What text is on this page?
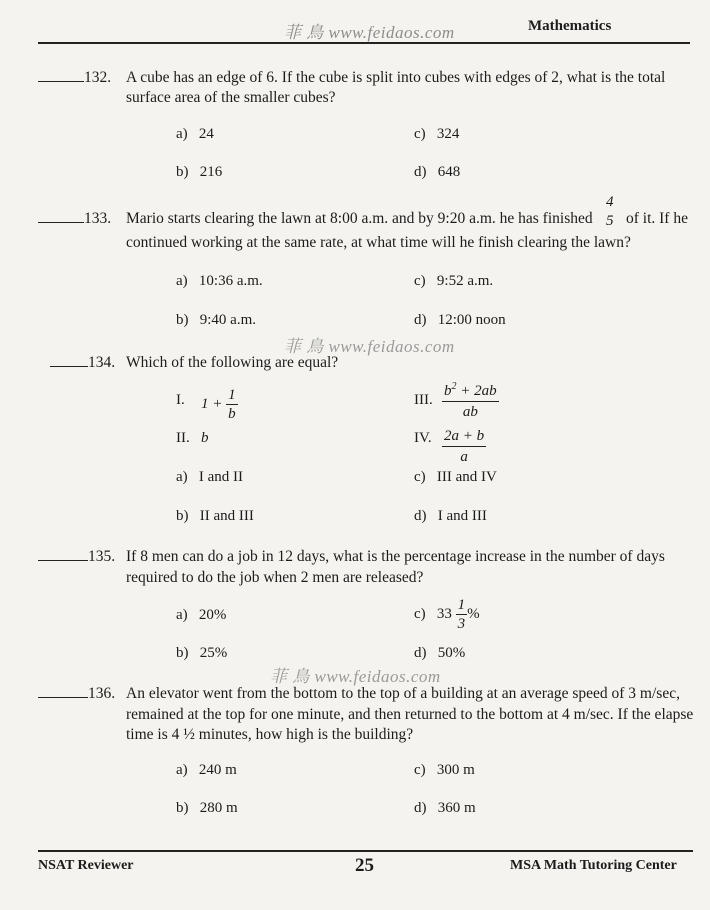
菲 鳥 www.feidaos.com	Mathematics
132. A cube has an edge of 6. If the cube is split into cubes with edges of 2, what is the total
surface area of the smaller cubes?
a) 24	c) 324
b) 216	d) 648
133. Mario starts clearing the lawn at 8:00 a.m. and by 9:20 a.m. he has finished
4
5 of it. If he
continued working at the same rate, at what time will he finish clearing the lawn?
a) 10:36 a.m.	c) 9:52 a.m.
b) 9:40 a.m.	d) 12:00 noon
菲 鳥 www.feidaos.com
134. Which of the following are equal?
I. $1 + \frac{1}{b}$	III. $\frac{b^2 + 2ab}{ab}$
II. b	IV. $\frac{2a + b}{a}$
a) I and II	c) III and IV
b) II and III	d) I and III
135. If 8 men can do a job in 12 days, what is the percentage increase in the number of days
required to do the job when 2 men are released?
a) 20%	c) $33 \frac{1}{3}$ %
b) 25%	d) 50%
菲 鳥 www.feidaos.com
136. An elevator went from the bottom to the top of a building at an average speed of 3 m/sec,
remained at the top for one minute, and then returned to the bottom at 4 m/sec. If the elapse
time is 4 ½ minutes, how high is the building?
a) 240 m	c) 300 m
b) 280 m	d) 360 m
NSAT Reviewer	25	MSA Math Tutoring Center
